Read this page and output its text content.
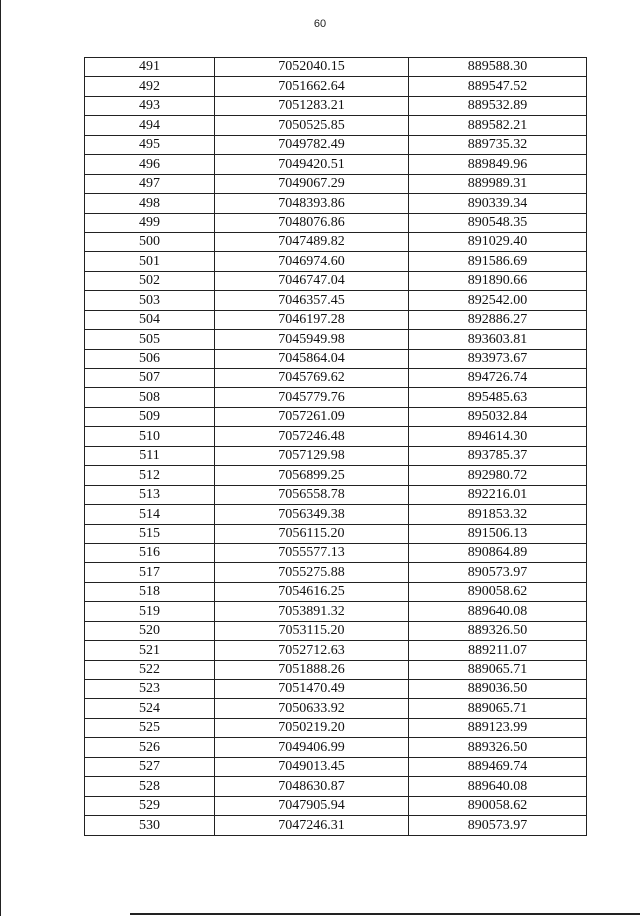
60
491	7052040.15	889588.30
492	7051662.64	889547.52
493	7051283.21	889532.89
494	7050525.85	889582.21
495	7049782.49	889735.32
496	7049420.51	889849.96
497	7049067.29	889989.31
498	7048393.86	890339.34
499	7048076.86	890548.35
500	7047489.82	891029.40
501	7046974.60	891586.69
502	7046747.04	891890.66
503	7046357.45	892542.00
504	7046197.28	892886.27
505	7045949.98	893603.81
506	7045864.04	893973.67
507	7045769.62	894726.74
508	7045779.76	895485.63
509	7057261.09	895032.84
510	7057246.48	894614.30
511	7057129.98	893785.37
512	7056899.25	892980.72
513	7056558.78	892216.01
514	7056349.38	891853.32
515	7056115.20	891506.13
516	7055577.13	890864.89
517	7055275.88	890573.97
518	7054616.25	890058.62
519	7053891.32	889640.08
520	7053115.20	889326.50
521	7052712.63	889211.07
522	7051888.26	889065.71
523	7051470.49	889036.50
524	7050633.92	889065.71
525	7050219.20	889123.99
526	7049406.99	889326.50
527	7049013.45	889469.74
528	7048630.87	889640.08
529	7047905.94	890058.62
530	7047246.31	890573.97
